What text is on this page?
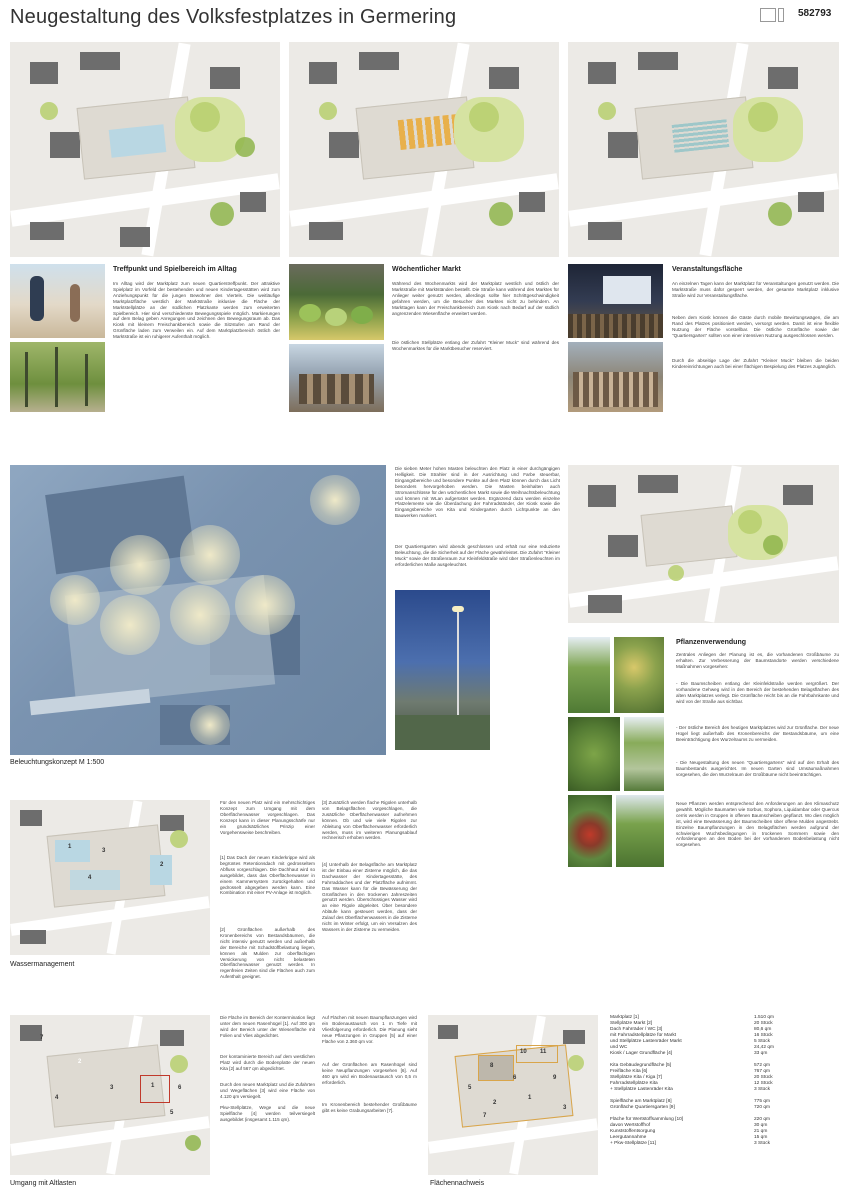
Neugestaltung des Volksfestplatzes in Germering	582793
Treffpunkt und Spielbereich im Alltag
Im Alltag wird der Marktplatz zum neuen Quartierstreffpunkt. Der attraktive Spielplatz im Vorfeld der bestehenden und neuen Kindertagesstätten wird zum Anziehungspunkt für die jungen Bewohner des Viertels. Die weitläufige Marktplatzfläche westlich der Marktstraße inklusive die Fläche der Marktstellplätze an der südlichen Platzkante werden zum erweiterten Spielbereich. Hier sind verschiedenste Bewegungsspiele möglich. Markierungen auf dem Belag geben Anregungen und zeichnen den Bewegungsraum ab. Das Kiosk mit kleinem Freischankbereich sowie die Sitzstufen am Rand der Grünfläche laden zum Verweilen ein. Auf dem Marktplatzbereich östlich der Marktstraße ist ein ruhigerer Aufenthalt möglich.
Wöchentlicher Markt
Während des Wochenmarkts wird der Marktplatz westlich und östlich der Marktstraße mit Marktständen bestellt. Die Straße kann während des Marktes für Anlieger weiter genutzt werden, allerdings sollte hier Schrittgeschwindigkeit gefahren werden, um die Besucher des Marktes nicht zu behindern. An Markttagen kann der Freischankbereich zum Kiosk nach Bedarf auf der südlich angrenzenden Wiesenfläche erweitert werden.
Die östlichen Stellplätze entlang der Zufahrt "Kleiner Muck" sind während des Wochenmarktes für die Marktbesucher reserviert.
Veranstaltungsfläche
An einzelnen Tagen kann der Marktplatz für Veranstaltungen genutzt werden. Die Marktstraße muss dafür gesperrt werden, der gesamte Marktplatz inklusive Straße wird zur Veranstaltungsfläche.
Neben dem Kiosk können die Gäste durch mobile Bewirtungswägen, die am Rand des Platzes positioniert werden, versorgt werden. Damit ist eine flexible Nutzung der Fläche vorstellbar. Die östliche Grünfläche sowie der "Quartiersgarten" sollten von einer intensiven Nutzung ausgeschlossen werden.
Durch die abseitige Lage der Zufahrt "Kleiner Muck" bleiben die beiden Kindereinrichtungen auch bei einer flächigen Bespielung des Platzes zugänglich.
Beleuchtungskonzept M 1:500
Die sieben Meter hohen Masten beleuchten den Platz in einer durchgängigen Helligkeit. Die Strahler sind in der Ausrichtung und Farbe steuerbar, Eingangsbereiche und besondere Punkte auf dem Platz können durch das Licht besonders hervorgehoben werden. Die Masten beinhalten auch Stromanschlüsse für den wöchentlichen Markt sowie die Weihnachtsbeleuchtung und können mit WLan aufgerüstet werden. Ergänzend dazu werden einzelne Platzelemente wie die Überdachung der Fahrradständer, der Kiosk sowie die Eingangsbereiche von Kita und Kindergarten durch Lichtpunkte an den Bauwerken markiert.
Der Quartiersgarten wird abends geschlossen und erhält nur eine reduzierte Beleuchtung, die die Sicherheit auf der Fläche gewährleistet. Die Zufahrt "Kleiner Muck" sowie der Straßenraum zur Kleinfeldstraße wird über Straßenleuchten im erforderlichen Maße ausgeleuchtet.
Pflanzenverwendung
Zentrales Anliegen der Planung ist es, die vorhandenen Großbäume zu erhalten. Zur Verbesserung der Baumstandorte werden verschiedene Maßnahmen vorgesehen:
- Die Baumscheiben entlang der Kleinfeldstraße werden vergrößert. Der vorhandene Gehweg wird in den Bereich der bestehenden Belagsflächen des alten Marktplatzes verlegt. Die Grünfläche reicht bis an die Fahrbahnkante und wird von der Straße aus sichtbar.
- Der östliche Bereich des heutigen Marktplatzes wird zur Grünfläche. Der neue Hügel liegt außerhalb des Kronenbereichs der Bestandsbäume, um eine Beeinträchtigung des Wurzelraums zu vermeiden.
- Die Neugestaltung des neuen "Quartiersgartens" wird auf den Erhalt des Baumbestands ausgerichtet. Im neuen Garten sind Umsäumaßnahmen vorgesehen, die den Wurzelraum der Großbäume nicht beeinträchtigen.
Neue Pflanzen werden entsprechend den Anforderungen an den Klimaschutz gewählt. Mögliche Baumarten wie Sorbus, Sophora, Liquidambar oder Quercus cerris werden in Gruppen in offenen Baumscheiben gepflanzt. Wo dies möglich ist, wird eine Bewässerung der Baumscheiben über offene Mulden angestrebt. Einzelne Baumpflanzungen in den Belagsflächen werden aufgrund der schwierigen Wuchsbedingungen in trockenen Sommern sowie den Anforderungen an den Boden bei der vorhandenen Bodenbelastung nicht vorgesehen.
1
3
4
2
Wassermanagement
Für den neuen Platz wird ein mehrschichtiges Konzept zum Umgang mit dem Oberflächenwasser vorgeschlagen. Das Konzept kann in dieser Planungsschärfe nur ein grundsätzliches Prinzip einer Vorgehensweise beschreiben.
[1] Das Dach der neuen Kinderkrippe wird als begrüntes Retentionsdach mit gedrosseltem Abfluss vorgeschlagen. Die Dachhaut wird so ausgebildet, dass das Oberflächenwasser in einem Kammersystem zurückgehalten und gedrosselt abgegeben werden kann. Eine Kombination mit einer PV-Anlage ist möglich.
[2] Grünflächen außerhalb des Kronenbereichs von Bestandsbäumen, die nicht intensiv genutzt werden und außerhalb der Bereiche mit Schadstoffbelastung liegen, können als Mulden zur oberflächigen Versickerung von nicht belasteten Oberflächenwasser genutzt werden. In regenfreien Zeiten sind die Flächen auch zum Aufenthalt geeignet.
[3] Zusätzlich werden flache Rigolen unterhalb von Belagsflächen vorgeschlagen, die zusätzliche Oberflächenwasser aufnehmen können. Ob und wie viele Rigolen zur Ableitung von Oberflächenwasser erforderlich werden, muss im weiteren Planungsablauf rechnerisch erhoben werden.
[4] Unterhalb der Belagsfläche am Marktplatz ist der Einbau einer Zisterne möglich, die das Dachwasser der Kindertagesstätte, des Fahrraddaches und der Platzfläche aufnimmt. Das Wasser kann für die Bewässerung der Grünflächen in den trockenen Jahreszeiten genutzt werden. Überschüssiges Wasser wird an eine Rigole abgeleitet. Über besondere Abläufe kann gesteuert werden, dass der Zulauf des Oberflächenwassers in die Zisterne nicht im Winter erfolgt, um ein Versalzen des Wassers in der Zisterne zu vermeiden.
1
2
3
4
5
6
7
Umgang mit Altlasten
Die Fläche im Bereich der Kontermination liegt unter dem neuen Rasenhügel [1]. Auf 300 qm wird der Bereich unter der Wiesenfläche mit Folien und Vlies abgedichtet.
Der kontaminierte Bereich auf dem westlichen Platz wird durch die Bodenplatte der neuen Kita [2] auf 567 qm abgedichtet.
Durch den neuen Marktplatz und die Zufahrten und Wegeflächen [3] wird eine Fläche von 4.120 qm versiegelt.
Pkw-Stellplätze, Wege und die neue Spielfläche [4] werden teilversiegelt ausgebildet (insgesamt 1.115 qm).
Auf Flächen mit neuen Baumpflanzungen wird ein Bodenaustausch von 1 m Tiefe mit Vliesfolgerung erforderlich. Die Planung sieht neue Pflanzungen in Gruppen [5] auf einer Fläche von 2.360 qm vor.
Auf der Grünflächen am Rasenhügel sind keine Neupflanzungen vorgesehen [6]. Auf 460 qm wird ein Bodenaustausch von 0,5 m erforderlich.
Im Kronenbereich bestehender Großbäume gibt es keine Grabungsarbeiten [7].
8
10 11
1
2
5
9
3
7
6
Flächennachweis
Marktplatz [1]	1.510 qm
Stellplätze Markt [2]	20 Stück
Dach Fahrräder / WC [3]	80,6 qm
mit Fahrradstellplätze für Markt	16 Stück
und Stellplätze Lastenräder Markt	5 Stück
und WC	24,42 qm
Kiosk / Lager Grundfläche [4]	33 qm

Kita Gebäudegrundfläche [5]	572 qm
Freifläche Kita [6]	767 qm
Stellplätze Kita / Kiga [7]	20 Stück
Fahrradstellplätze Kita	12 Stück
+ Stellplätze Lastenräder Kita	3 Stück

Spielfläche am Marktplatz [8]	775 qm
Grünfläche Quartiersgarten [9]	720 qm

Fläche für Wertstoffsammlung [10]	220 qm
davon Wertstoffhof	30 qm
Kunststoffentsorgung	21 qm
Leergutannahme	15 qm
+ Pkw-Stellplätze [11]	3 Stück
